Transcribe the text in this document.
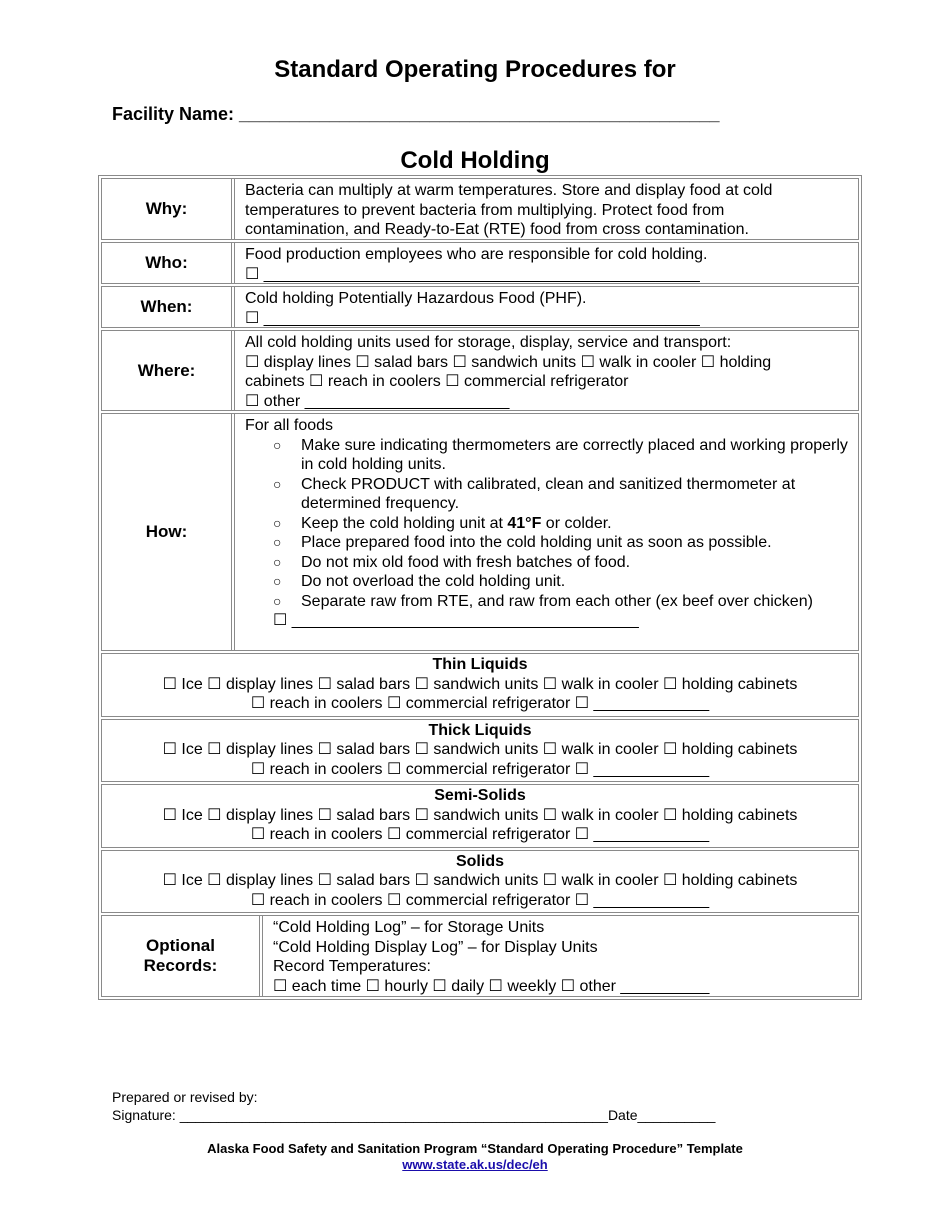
Standard Operating Procedures for
Facility Name: ________________________________________________
Cold Holding
Why:

Bacteria can multiply at warm temperatures. Store and display food at cold

temperatures to prevent bacteria from multiplying. Protect food from

contamination, and Ready-to-Eat (RTE) food from cross contamination.

Who:	Food production employees who are responsible for cold holding.

☐ _________________________________________________

When:	Cold holding Potentially Hazardous Food (PHF).

☐ _________________________________________________

Where:

All cold holding units used for storage, display, service and transport:

☐ display lines ☐ salad bars ☐ sandwich units ☐ walk in cooler ☐ holding

cabinets ☐ reach in coolers ☐ commercial refrigerator

☐ other _______________________

How:

For all foods

○ Make sure indicating thermometers are correctly placed and working properly in cold holding units.
○ Check PRODUCT with calibrated, clean and sanitized thermometer at determined frequency.
○ Keep the cold holding unit at 41°F or colder.
○ Place prepared food into the cold holding unit as soon as possible.
○ Do not mix old food with fresh batches of food.
○ Do not overload the cold holding unit.
○ Separate raw from RTE, and raw from each other (ex beef over chicken)

☐ _______________________________________

Thin Liquids
☐ Ice ☐ display lines ☐ salad bars ☐ sandwich units ☐ walk in cooler ☐ holding cabinets
☐ reach in coolers ☐ commercial refrigerator ☐ _____________
Thick Liquids
☐ Ice ☐ display lines ☐ salad bars ☐ sandwich units ☐ walk in cooler ☐ holding cabinets
☐ reach in coolers ☐ commercial refrigerator ☐ _____________
Semi-Solids
☐ Ice ☐ display lines ☐ salad bars ☐ sandwich units ☐ walk in cooler ☐ holding cabinets
☐ reach in coolers ☐ commercial refrigerator ☐ _____________
Solids
☐ Ice ☐ display lines ☐ salad bars ☐ sandwich units ☐ walk in cooler ☐ holding cabinets
☐ reach in coolers ☐ commercial refrigerator ☐ _____________
Optional Records:

“Cold Holding Log” – for Storage Units

“Cold Holding Display Log” – for Display Units

Record Temperatures:

☐ each time ☐ hourly ☐ daily ☐ weekly ☐ other __________

Prepared or revised by:

Signature: _______________________________________________________Date__________

Alaska Food Safety and Sanitation Program “Standard Operating Procedure” Template
www.state.ak.us/dec/eh
